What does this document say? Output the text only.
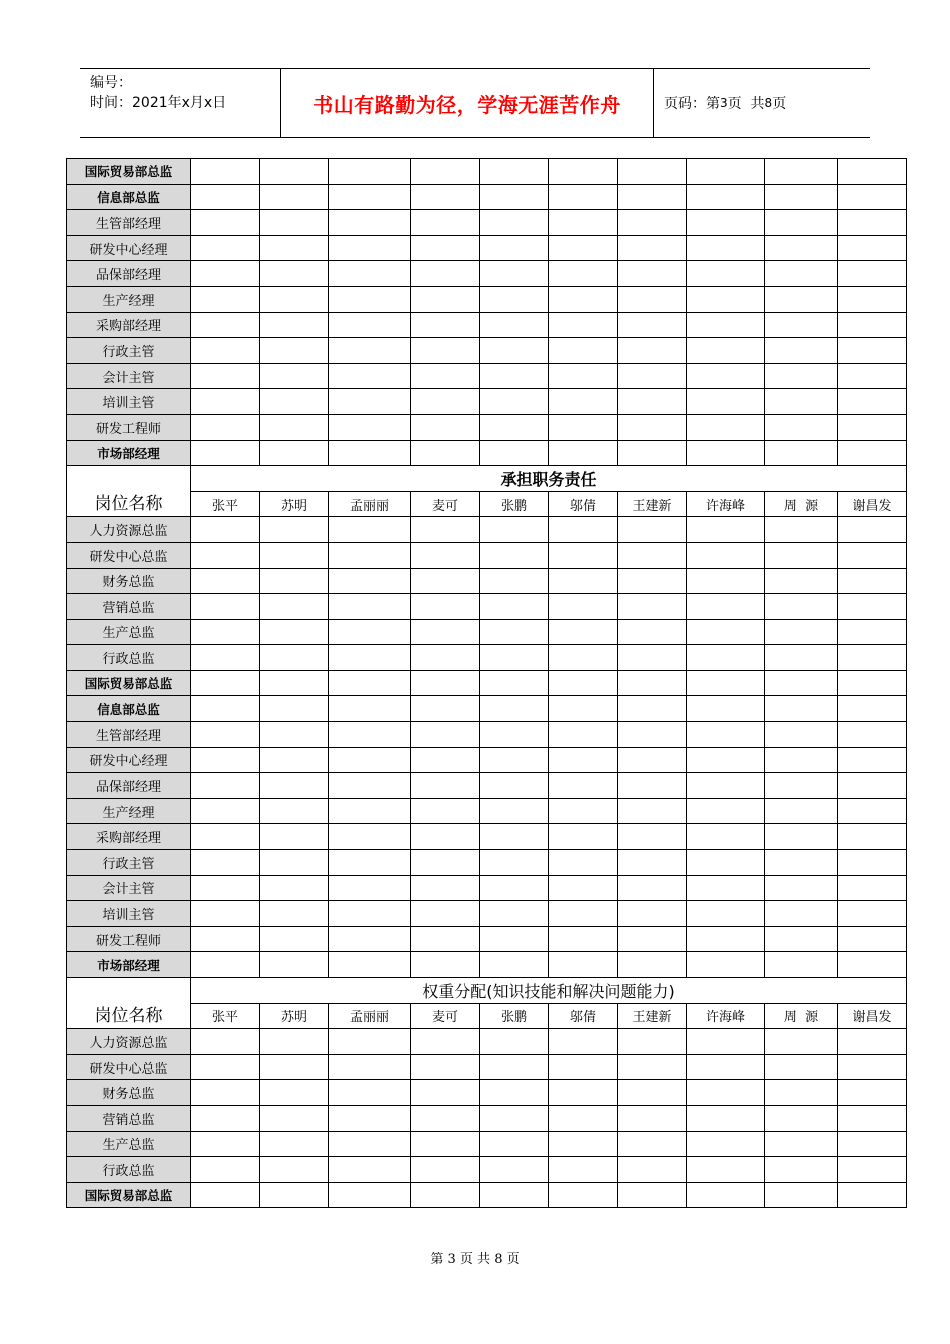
编号：
时间：2021年x月x日	书山有路勤为径，学海无涯苦作舟	页码：第 3 页  共 8 页
国际贸易部总监										
信息部总监										
生管部经理										
研发中心经理										
品保部经理										
生产经理										
采购部经理										
行政主管										
会计主管										
培训主管										
研发工程师										
市场部经理										
岗位名称	承担职务责任									
	张平	苏明	孟丽丽	麦可	张鹏	邬倩	王建新	许海峰	周  源	谢昌发
人力资源总监										
研发中心总监										
财务总监										
营销总监										
生产总监										
行政总监										
国际贸易部总监										
信息部总监										
生管部经理										
研发中心经理										
品保部经理										
生产经理										
采购部经理										
行政主管										
会计主管										
培训主管										
研发工程师										
市场部经理										
岗位名称	权重分配(知识技能和解决问题能力)									
	张平	苏明	孟丽丽	麦可	张鹏	邬倩	王建新	许海峰	周  源	谢昌发
人力资源总监										
研发中心总监										
财务总监										
营销总监										
生产总监										
行政总监										
国际贸易部总监										
第 3 页 共 8 页
